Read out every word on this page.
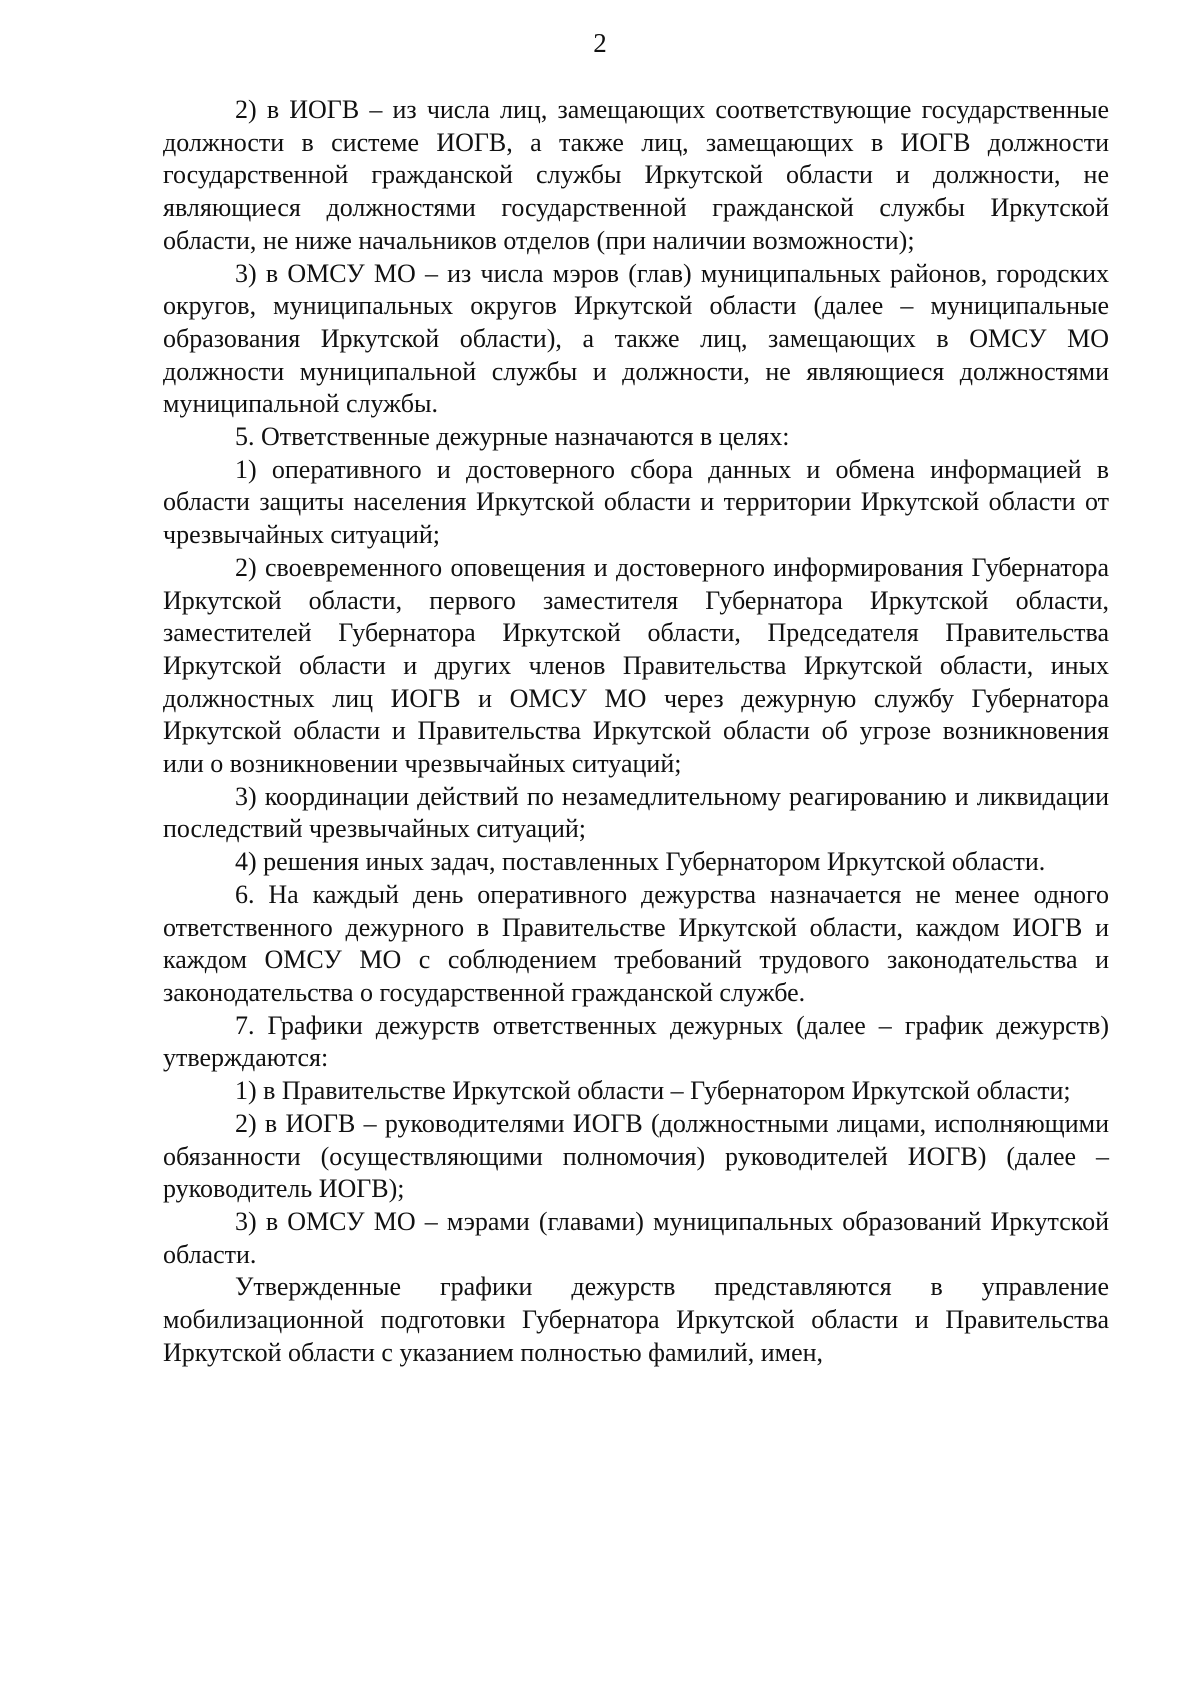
2

2) в ИОГВ – из числа лиц, замещающих соответствующие государственные должности в системе ИОГВ, а также лиц, замещающих в ИОГВ должности государственной гражданской службы Иркутской области и должности, не являющиеся должностями государственной гражданской службы Иркутской области, не ниже начальников отделов (при наличии возможности);

3) в ОМСУ МО – из числа мэров (глав) муниципальных районов, городских округов, муниципальных округов Иркутской области (далее – муниципальные образования Иркутской области), а также лиц, замещающих в ОМСУ МО должности муниципальной службы и должности, не являющиеся должностями муниципальной службы.

5. Ответственные дежурные назначаются в целях:

1) оперативного и достоверного сбора данных и обмена информацией в области защиты населения Иркутской области и территории Иркутской области от чрезвычайных ситуаций;

2) своевременного оповещения и достоверного информирования Губернатора Иркутской области, первого заместителя Губернатора Иркутской области, заместителей Губернатора Иркутской области, Председателя Правительства Иркутской области и других членов Правительства Иркутской области, иных должностных лиц ИОГВ и ОМСУ МО через дежурную службу Губернатора Иркутской области и Правительства Иркутской области об угрозе возникновения или о возникновении чрезвычайных ситуаций;

3) координации действий по незамедлительному реагированию и ликвидации последствий чрезвычайных ситуаций;

4) решения иных задач, поставленных Губернатором Иркутской области.

6. На каждый день оперативного дежурства назначается не менее одного ответственного дежурного в Правительстве Иркутской области, каждом ИОГВ и каждом ОМСУ МО с соблюдением требований трудового законодательства и законодательства о государственной гражданской службе.

7. Графики дежурств ответственных дежурных (далее – график дежурств) утверждаются:

1) в Правительстве Иркутской области – Губернатором Иркутской области;

2) в ИОГВ – руководителями ИОГВ (должностными лицами, исполняющими обязанности (осуществляющими полномочия) руководителей ИОГВ) (далее – руководитель ИОГВ);

3) в ОМСУ МО – мэрами (главами) муниципальных образований Иркутской области.

Утвержденные графики дежурств представляются в управление мобилизационной подготовки Губернатора Иркутской области и Правительства Иркутской области с указанием полностью фамилий, имен,
